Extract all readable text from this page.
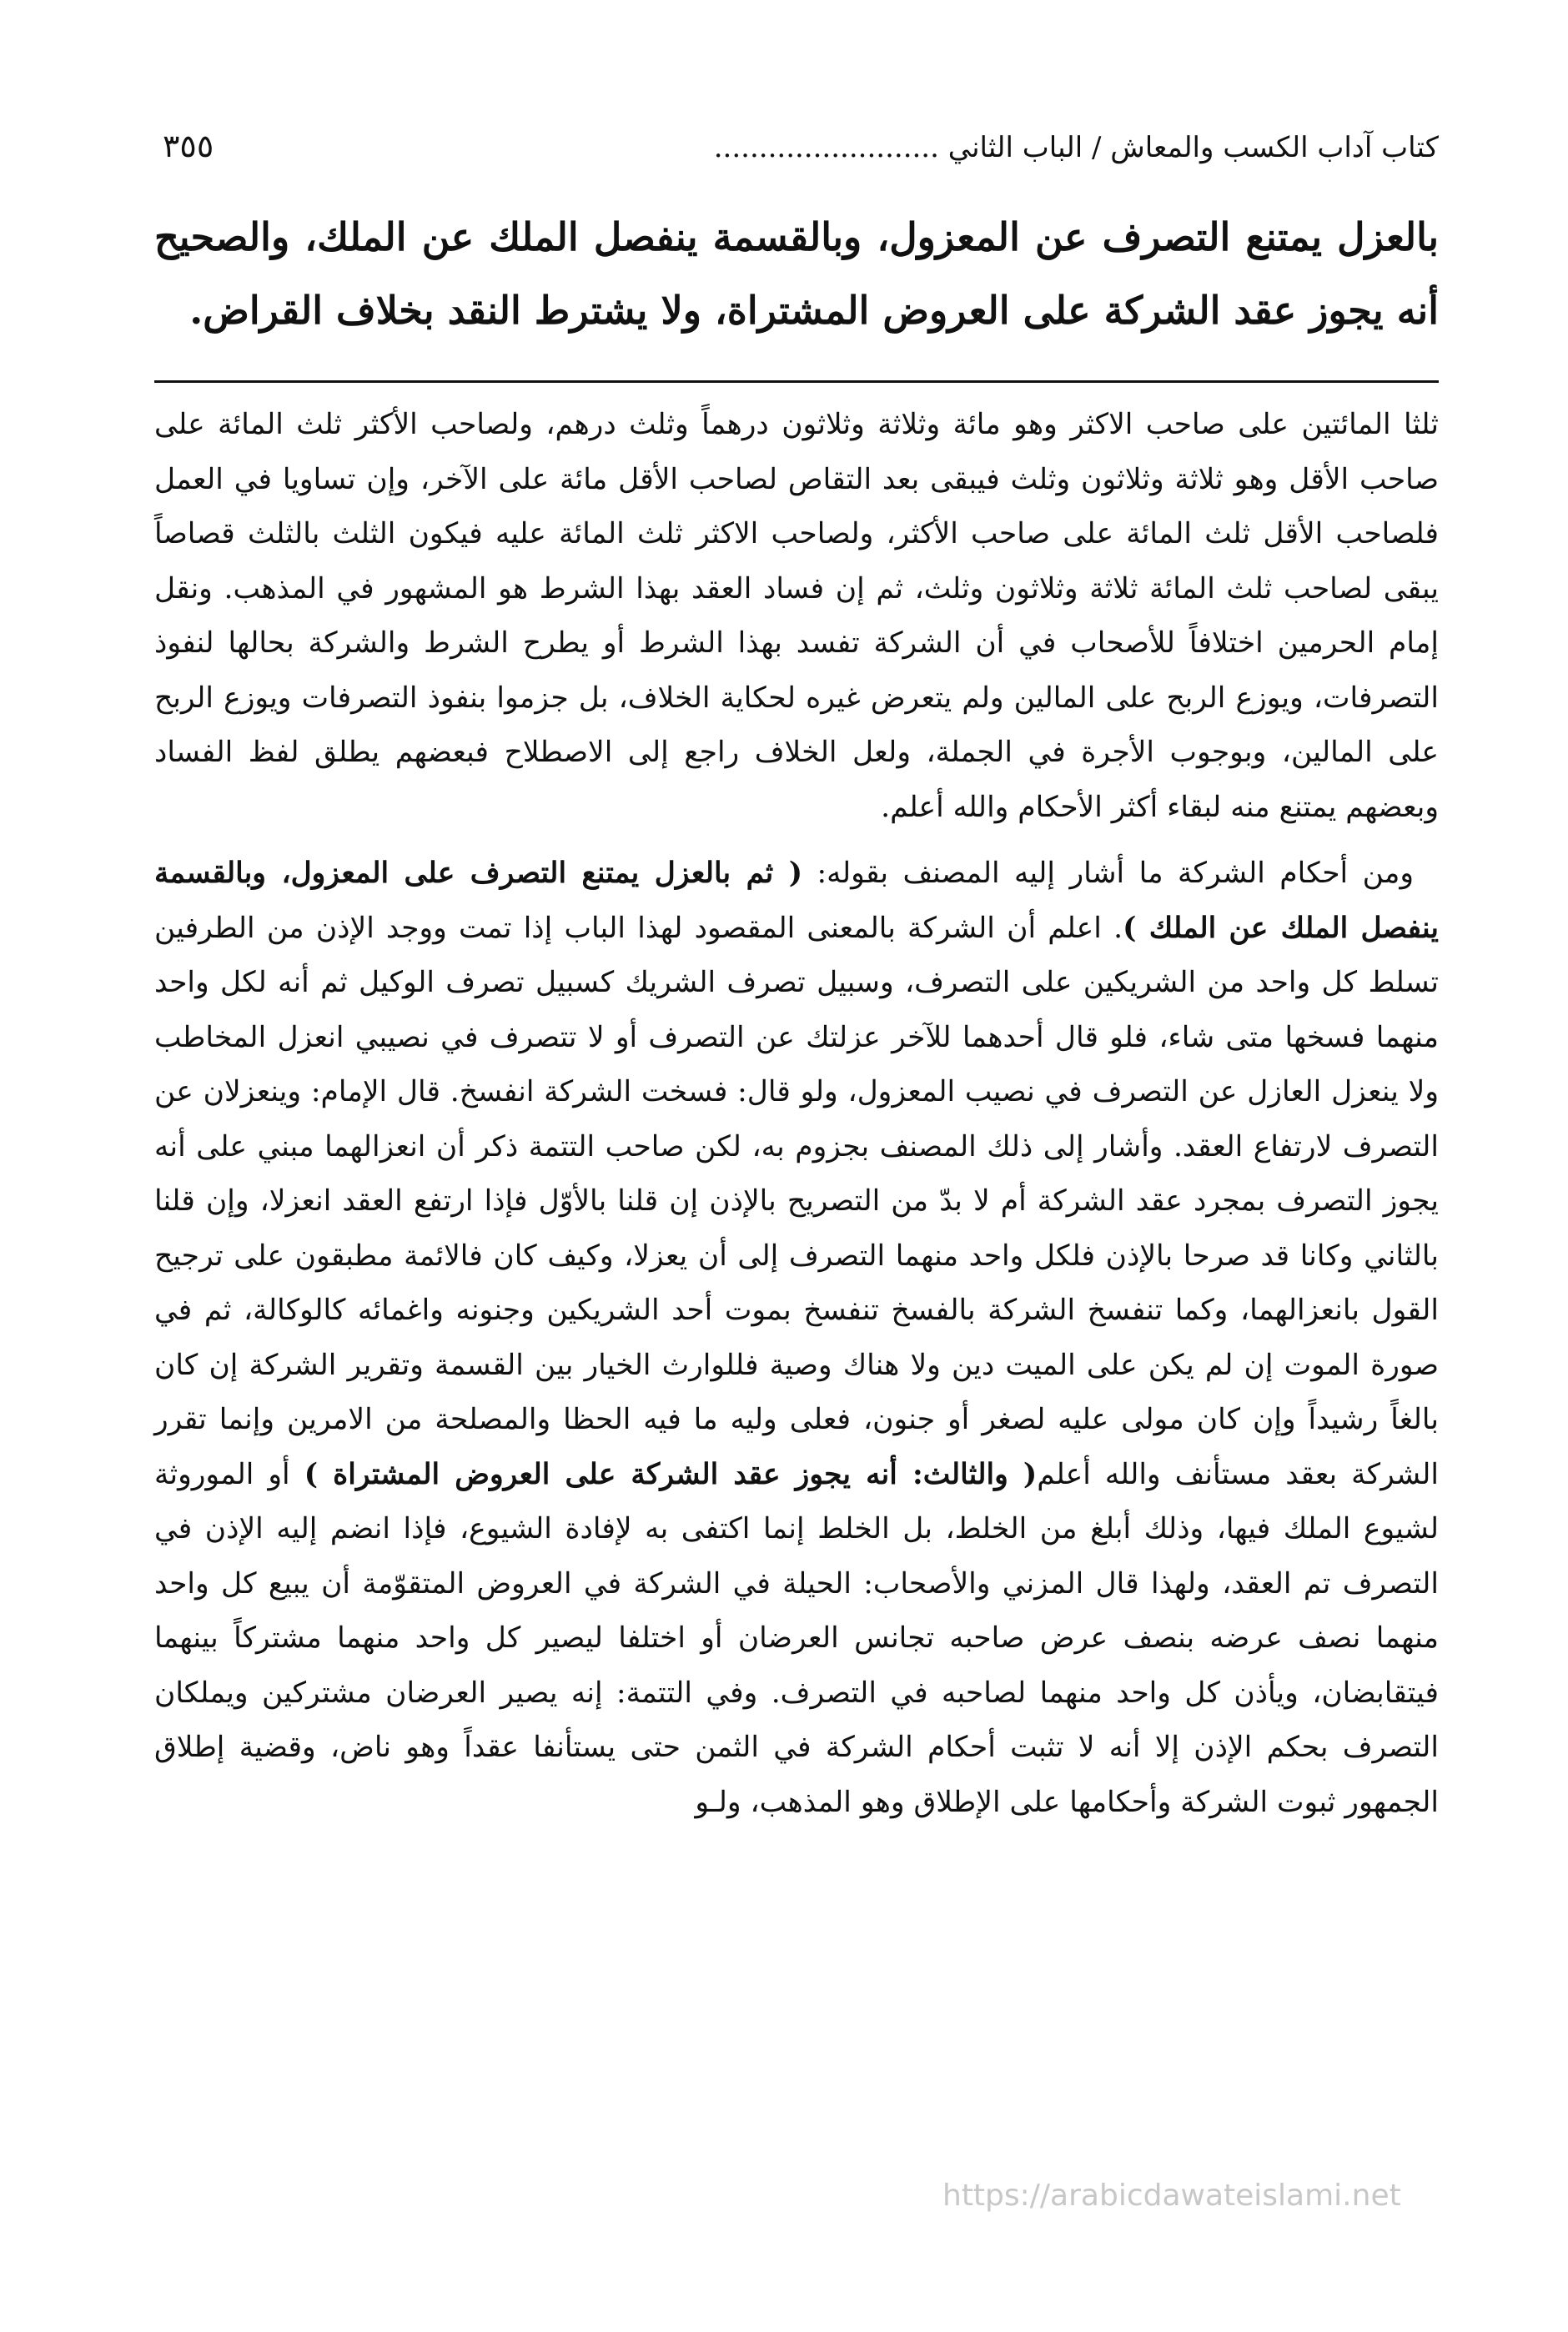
كتاب آداب الكسب والمعاش / الباب الثاني .........................
٣٥٥
بالعزل يمتنع التصرف عن المعزول، وبالقسمة ينفصل الملك عن الملك، والصحيح أنه يجوز عقد الشركة على العروض المشتراة، ولا يشترط النقد بخلاف القراض.

ثلثا المائتين على صاحب الاكثر وهو مائة وثلاثة وثلاثون درهماً وثلث درهم، ولصاحب الأكثر ثلث المائة على صاحب الأقل وهو ثلاثة وثلاثون وثلث فيبقى بعد التقاص لصاحب الأقل مائة على الآخر، وإن تساويا في العمل فلصاحب الأقل ثلث المائة على صاحب الأكثر، ولصاحب الاكثر ثلث المائة عليه فيكون الثلث بالثلث قصاصاً يبقى لصاحب ثلث المائة ثلاثة وثلاثون وثلث، ثم إن فساد العقد بهذا الشرط هو المشهور في المذهب. ونقل إمام الحرمين اختلافاً للأصحاب في أن الشركة تفسد بهذا الشرط أو يطرح الشرط والشركة بحالها لنفوذ التصرفات، ويوزع الربح على المالين ولم يتعرض غيره لحكاية الخلاف، بل جزموا بنفوذ التصرفات ويوزع الربح على المالين، وبوجوب الأجرة في الجملة، ولعل الخلاف راجع إلى الاصطلاح فبعضهم يطلق لفظ الفساد وبعضهم يمتنع منه لبقاء أكثر الأحكام والله أعلم.

ومن أحكام الشركة ما أشار إليه المصنف بقوله: ( ثم بالعزل يمتنع التصرف على المعزول، وبالقسمة ينفصل الملك عن الملك ). اعلم أن الشركة بالمعنى المقصود لهذا الباب إذا تمت ووجد الإذن من الطرفين تسلط كل واحد من الشريكين على التصرف، وسبيل تصرف الشريك كسبيل تصرف الوكيل ثم أنه لكل واحد منهما فسخها متى شاء، فلو قال أحدهما للآخر عزلتك عن التصرف أو لا تتصرف في نصيبي انعزل المخاطب ولا ينعزل العازل عن التصرف في نصيب المعزول، ولو قال: فسخت الشركة انفسخ. قال الإمام: وينعزلان عن التصرف لارتفاع العقد. وأشار إلى ذلك المصنف بجزوم به، لكن صاحب التتمة ذكر أن انعزالهما مبني على أنه يجوز التصرف بمجرد عقد الشركة أم لا بدّ من التصريح بالإذن إن قلنا بالأوّل فإذا ارتفع العقد انعزلا، وإن قلنا بالثاني وكانا قد صرحا بالإذن فلكل واحد منهما التصرف إلى أن يعزلا، وكيف كان فالائمة مطبقون على ترجيح القول بانعزالهما، وكما تنفسخ الشركة بالفسخ تنفسخ بموت أحد الشريكين وجنونه واغمائه كالوكالة، ثم في صورة الموت إن لم يكن على الميت دين ولا هناك وصية فللوارث الخيار بين القسمة وتقرير الشركة إن كان بالغاً رشيداً وإن كان مولى عليه لصغر أو جنون، فعلى وليه ما فيه الحظا والمصلحة من الامرين وإنما تقرر الشركة بعقد مستأنف والله أعلم( والثالث: أنه يجوز عقد الشركة على العروض المشتراة ) أو الموروثة لشيوع الملك فيها، وذلك أبلغ من الخلط، بل الخلط إنما اكتفى به لإفادة الشيوع، فإذا انضم إليه الإذن في التصرف تم العقد، ولهذا قال المزني والأصحاب: الحيلة في الشركة في العروض المتقوّمة أن يبيع كل واحد منهما نصف عرضه بنصف عرض صاحبه تجانس العرضان أو اختلفا ليصير كل واحد منهما مشتركاً بينهما فيتقابضان، ويأذن كل واحد منهما لصاحبه في التصرف. وفي التتمة: إنه يصير العرضان مشتركين ويملكان التصرف بحكم الإذن إلا أنه لا تثبت أحكام الشركة في الثمن حتى يستأنفا عقداً وهو ناض، وقضية إطلاق الجمهور ثبوت الشركة وأحكامها على الإطلاق وهو المذهب، ولـو

https://arabicdawateislami.net
